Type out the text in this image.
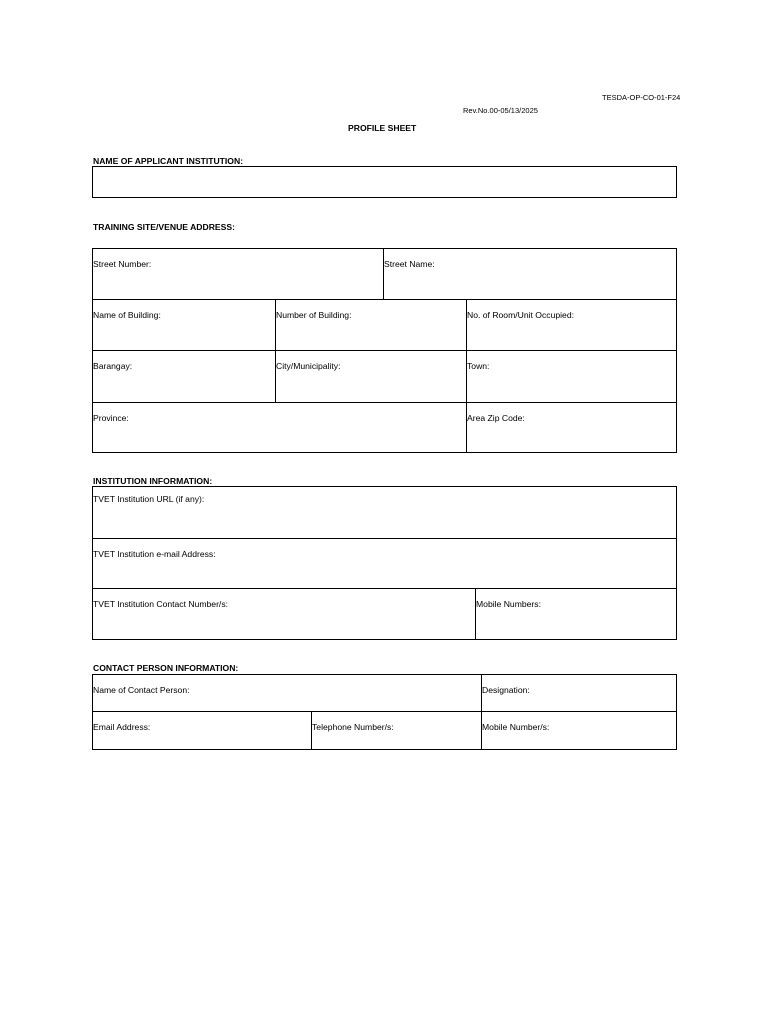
TESDA-OP-CO-01-F24
Rev.No.00-05/13/2025
PROFILE SHEET
NAME OF APPLICANT INSTITUTION:
TRAINING SITE/VENUE ADDRESS:
Street Number:	Street Name:
Name of Building:	Number of Building:	No. of Room/Unit Occupied:
Barangay:	City/Municipality:	Town:
Province:	Area Zip Code:
INSTITUTION INFORMATION:
TVET Institution URL (if any):
TVET Institution e-mail Address:
TVET Institution Contact Number/s:	Mobile Numbers:
CONTACT PERSON INFORMATION:
Name of Contact Person:	Designation:
Email Address:	Telephone Number/s:	Mobile Number/s:
